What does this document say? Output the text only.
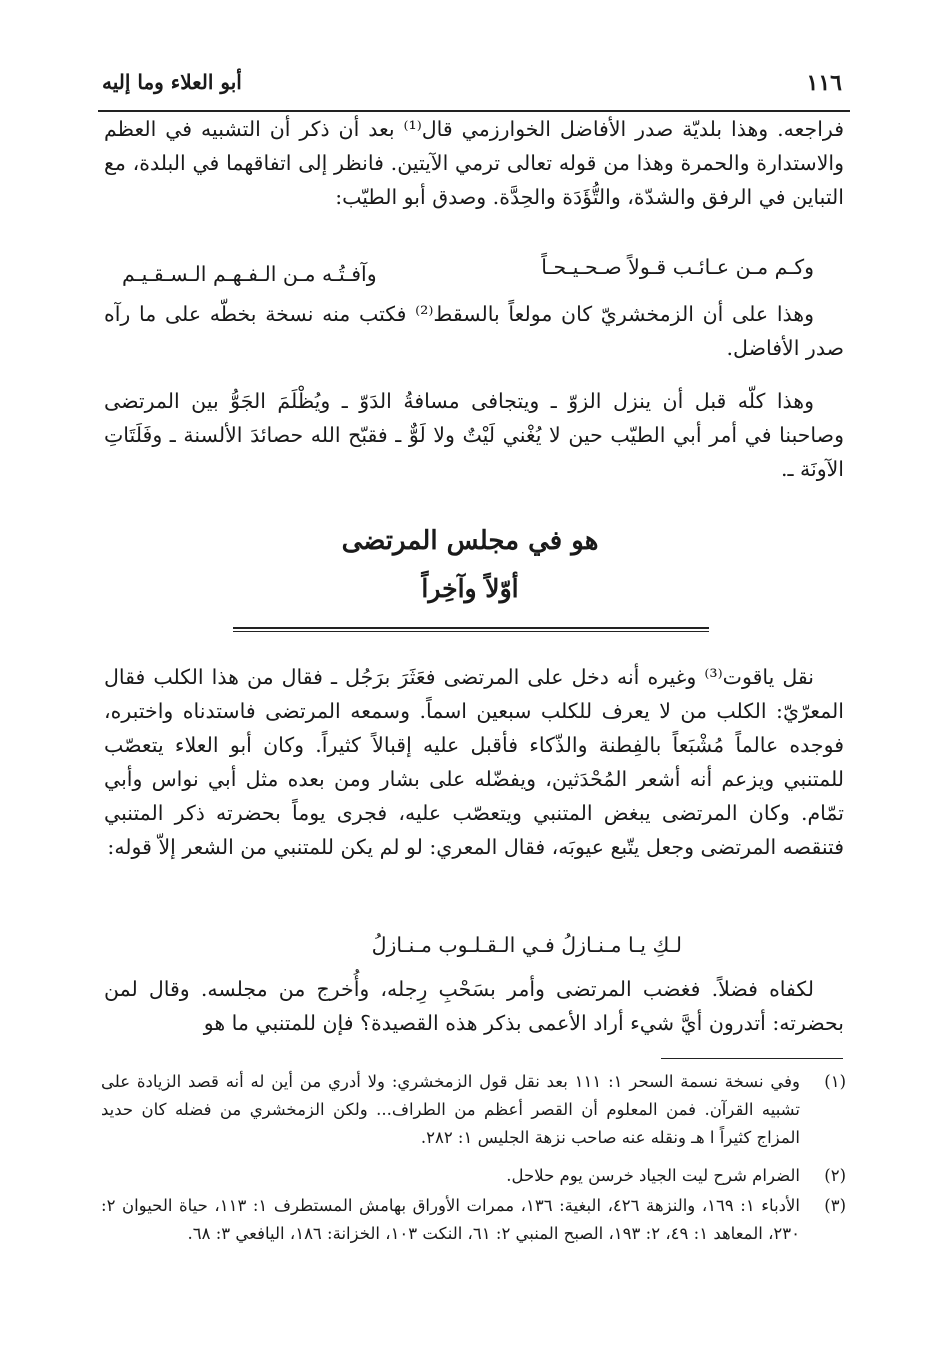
١١٦
أبو العلاء وما إليه

فراجعه. وهذا بلديّة صدر الأفاضل الخوارزمي قال⁽¹⁾ بعد أن ذكر أن التشبيه في العظم والاستدارة والحمرة وهذا من قوله تعالى ترمي الآيتين. فانظر إلى اتفاقهما في البلدة، مع التباين في الرفق والشدّة، والتُّؤَدَة والحِدَّة. وصدق أبو الطيّب:

وكـم مـن عـائـب قـولاً صـحـيـحـاً
وآفـتُـه مـن الـفـهـم الـسـقـيـم

وهذا على أن الزمخشريّ كان مولعاً بالسقط⁽²⁾ فكتب منه نسخة بخطّه على ما رآه صدر الأفاضل.

وهذا كلّه قبل أن ينزل الزوّ ـ ويتجافى مسافةُ الدَوّ ـ ويُظْلَمَ الجَوُّ بين المرتضى وصاحبنا في أمر أبي الطيّب حين لا يُغْني لَيْتٌ ولا لَوٌّ ـ فقبّح الله حصائدَ الألسنة ـ وفَلَتَاتِ الآونَة ـ.

هو في مجلس المرتضى
أوّلاً وآخِراً

نقل ياقوت⁽³⁾ وغيره أنه دخل على المرتضى فعَثَرَ برَجُل ـ فقال من هذا الكلب فقال المعرّيّ: الكلب من لا يعرف للكلب سبعين اسماً. وسمعه المرتضى فاستدناه واختبره، فوجده عالماً مُشْبَعاً بالفِطنة والذّكاء فأقبل عليه إقبالاً كثيراً. وكان أبو العلاء يتعصّب للمتنبي ويزعم أنه أشعر المُحْدَثين، ويفضّله على بشار ومن بعده مثل أبي نواس وأبي تمّام. وكان المرتضى يبغض المتنبي ويتعصّب عليه، فجرى يوماً بحضرته ذكر المتنبي فتنقصه المرتضى وجعل يتّبع عيوبَه، فقال المعري: لو لم يكن للمتنبي من الشعر إلاّ قوله:

لـكِ يـا مـنـازلُ فـي الـقـلـوب مـنـازلُ

لكفاه فضلاً. فغضب المرتضى وأمر بسَحْبِ رِجله، وأُخرج من مجلسه. وقال لمن بحضرته: أتدرون أيَّ شيء أراد الأعمى بذكر هذه القصيدة؟ فإن للمتنبي ما هو

(١)
وفي نسخة نسمة السحر ١: ١١١ بعد نقل قول الزمخشري: ولا أدري من أين له أنه قصد الزيادة على تشبيه القرآن. فمن المعلوم أن القصر أعظم من الطراف... ولكن الزمخشري من فضله كان حديد المزاج كثيراً ا هـ ونقله عنه صاحب نزهة الجليس ١: ٢٨٢.
(٢)
الضرام شرح ليت الجياد خرسن يوم حلاحل.
(٣)
الأدباء ١: ١٦٩، والنزهة ٤٢٦، البغية: ١٣٦، ممرات الأوراق بهامش المستطرف ١: ١١٣، حياة الحيوان ٢: ٢٣٠، المعاهد ١: ٤٩، ٢: ١٩٣، الصبح المنبي ٢: ٦١، النكت ١٠٣، الخزانة: ١٨٦، اليافعي ٣: ٦٨.
